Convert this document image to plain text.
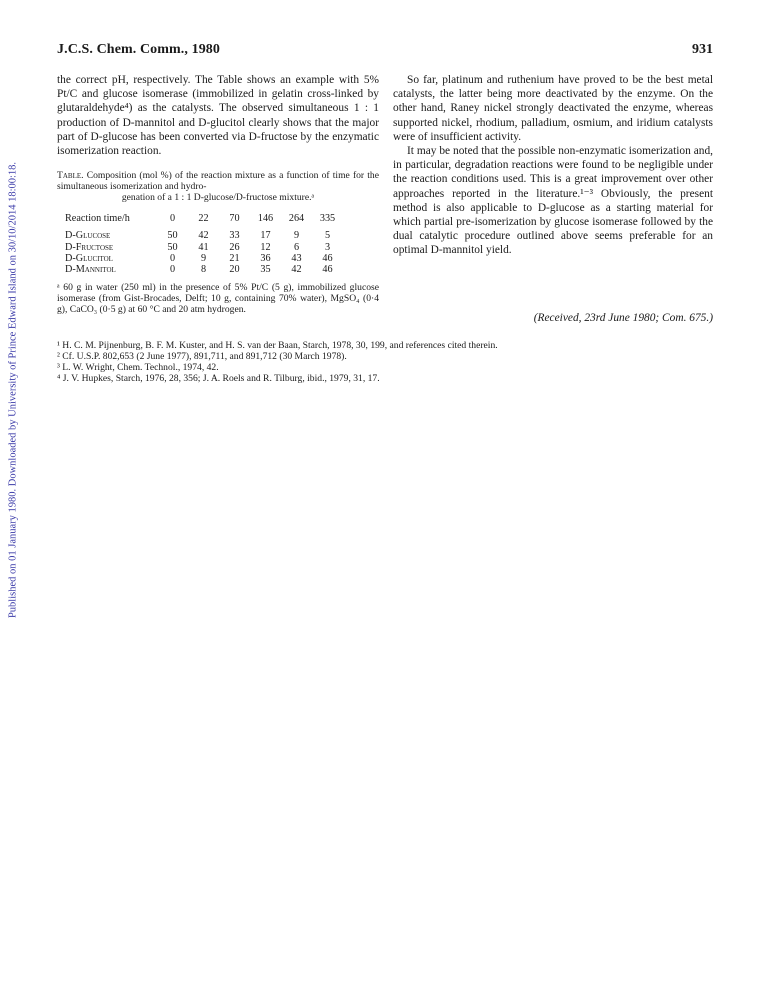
J.C.S. Chem. Comm., 1980	931
Published on 01 January 1980. Downloaded by University of Prince Edward Island on 30/10/2014 18:00:18.

the correct pH, respectively. The Table shows an example with 5% Pt/C and glucose isomerase (immobilized in gelatin cross-linked by glutaraldehyde⁴) as the catalysts. The observed simultaneous 1 : 1 production of D-mannitol and D-glucitol clearly shows that the major part of D-glucose has been converted via D-fructose by the enzymatic isomerization reaction.

Table. Composition (mol %) of the reaction mixture as a function of time for the simultaneous isomerization and hydro-
genation of a 1 : 1 D-glucose/D-fructose mixture.ᵃ

Reaction time/h	0	22	70	146	264	335
D-Glucose	50	42	33	17	9	5
D-Fructose	50	41	26	12	6	3
D-Glucitol	0	9	21	36	43	46
D-Mannitol	0	8	20	35	42	46

ᵃ 60 g in water (250 ml) in the presence of 5% Pt/C (5 g), immobilized glucose isomerase (from Gist-Brocades, Delft; 10 g, containing 70% water), MgSO₄ (0·4 g), CaCO₃ (0·5 g) at 60 °C and 20 atm hydrogen.

So far, platinum and ruthenium have proved to be the best metal catalysts, the latter being more deactivated by the enzyme. On the other hand, Raney nickel strongly deactivated the enzyme, whereas supported nickel, rhodium, palladium, osmium, and iridium catalysts were of insufficient activity.

It may be noted that the possible non-enzymatic isomerization and, in particular, degradation reactions were found to be negligible under the reaction conditions used. This is a great improvement over other approaches reported in the literature.¹⁻³ Obviously, the present method is also applicable to D-glucose as a starting material for which partial pre-isomerization by glucose isomerase followed by the dual catalytic procedure outlined above seems preferable for an optimal D-mannitol yield.

(Received, 23rd June 1980; Com. 675.)
¹ H. C. M. Pijnenburg, B. F. M. Kuster, and H. S. van der Baan, Starch, 1978, 30, 199, and references cited therein.
² Cf. U.S.P. 802,653 (2 June 1977), 891,711, and 891,712 (30 March 1978).
³ L. W. Wright, Chem. Technol., 1974, 42.
⁴ J. V. Hupkes, Starch, 1976, 28, 356; J. A. Roels and R. Tilburg, ibid., 1979, 31, 17.
